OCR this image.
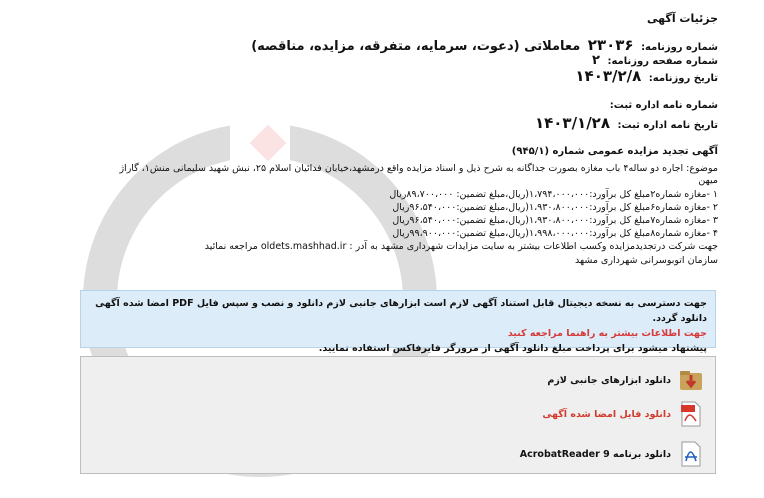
جزئیات آگهی
شماره روزنامه: ۲۳۰۳۶ معاملاتی (دعوت، سرمایه، متفرقه، مزایده، مناقصه)
شماره صفحه روزنامه: ۲
تاریخ روزنامه: ۱۴۰۳/۲/۸
شماره نامه اداره ثبت:
تاریخ نامه اداره ثبت: ۱۴۰۳/۱/۲۸
آگهی تجدید مزایده عمومی شماره (۹۴۵/۱)
موضوع: اجاره دو ساله۴ باب مغازه بصورت جداگانه به شرح ذیل و اسناد مزایده واقع درمشهد،خیابان فدائیان اسلام ۲۵، نبش شهید سلیمانی منش۱، گاراژ
میهن
۱ -مغازه شماره۲مبلغ کل برآورد:۱،۷۹۴،۰۰۰،۰۰۰(ریال،مبلغ تضمین: ۸۹،۷۰۰،۰۰۰ریال
۲ -مغازه شماره۶مبلغ کل برآورد:۱،۹۳۰،۸۰۰،۰۰۰(ریال،مبلغ تضمین:۹۶،۵۴۰،۰۰۰ریال
۳ -مغازه شماره۷مبلغ کل برآورد:۱،۹۳۰،۸۰۰،۰۰۰(ریال،مبلغ تضمین:۹۶،۵۴۰،۰۰۰ریال
۴ -مغازه شماره۸مبلغ کل برآورد:۱،۹۹۸،۰۰۰،۰۰۰(ریال،مبلغ تضمین:۹۹،۹۰۰،۰۰۰ریال
جهت شرکت درتجدیدمزایده وکسب اطلاعات بیشتر به سایت مزایدات شهرداری مشهد به آدر : oldets.mashhad.ir مراجعه نمائید
سازمان اتوبوسرانی شهرداری مشهد
جهت دسترسی به نسخه دیجیتال قابل استناد آگهی لازم است ابزارهای جانبی لازم دانلود و نصب و سپس فایل PDF امضا شده آگهی دانلود گردد.
جهت اطلاعات بیشتر به راهنما مراجعه کنید
پیشنهاد میشود برای پرداخت مبلغ دانلود آگهی از مرورگر فایرفاکس استفاده نمایید.
دانلود ابزارهای جانبی لازم
دانلود فایل امضا شده آگهی
دانلود برنامه AcrobatReader 9
